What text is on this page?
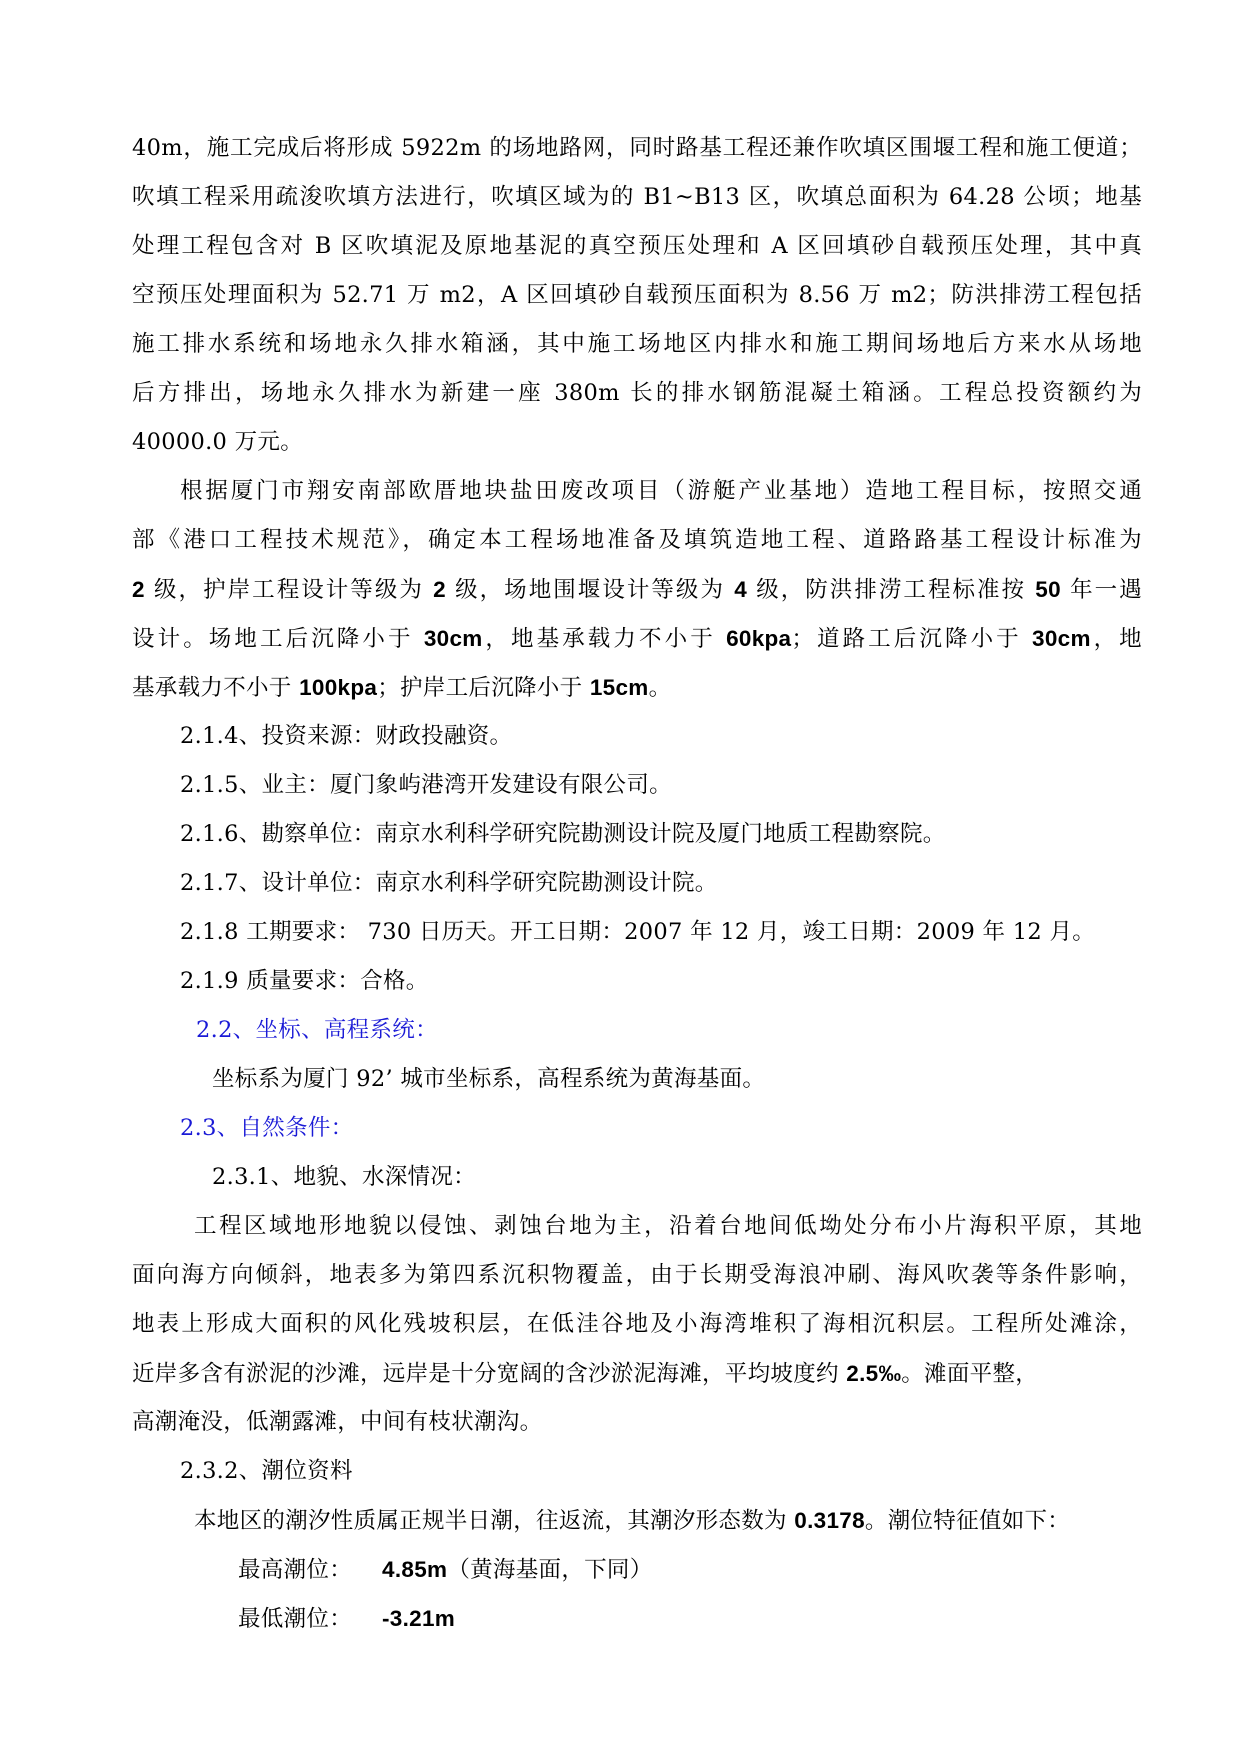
40m，施工完成后将形成 5922m 的场地路网，同时路基工程还兼作吹填区围堰工程和施工便道；
吹填工程采用疏浚吹填方法进行，吹填区域为的 B1~B13 区，吹填总面积为 64.28 公顷；地基
处理工程包含对 B 区吹填泥及原地基泥的真空预压处理和 A 区回填砂自载预压处理，其中真
空预压处理面积为 52.71 万 m2，A 区回填砂自载预压面积为 8.56 万 m2；防洪排涝工程包括
施工排水系统和场地永久排水箱涵，其中施工场地区内排水和施工期间场地后方来水从场地
后方排出，场地永久排水为新建一座 380m 长的排水钢筋混凝土箱涵。工程总投资额约为
40000.0 万元。
根据厦门市翔安南部欧厝地块盐田废改项目（游艇产业基地）造地工程目标，按照交通
部《港口工程技术规范》，确定本工程场地准备及填筑造地工程、道路路基工程设计标准为
2 级，护岸工程设计等级为 2 级，场地围堰设计等级为 4 级，防洪排涝工程标准按 50 年一遇
设计。场地工后沉降小于 30cm，地基承载力不小于 60kpa；道路工后沉降小于 30cm，地
基承载力不小于 100kpa；护岸工后沉降小于 15cm。
2.1.4、投资来源：财政投融资。
2.1.5、业主：厦门象屿港湾开发建设有限公司。
2.1.6、勘察单位：南京水利科学研究院勘测设计院及厦门地质工程勘察院。
2.1.7、设计单位：南京水利科学研究院勘测设计院。
2.1.8 工期要求： 730 日历天。开工日期：2007 年 12 月，竣工日期：2009 年 12 月。
2.1.9 质量要求：合格。
2.2、坐标、高程系统：
坐标系为厦门 92’ 城市坐标系，高程系统为黄海基面。
2.3、自然条件：
2.3.1、地貌、水深情况：
工程区域地形地貌以侵蚀、剥蚀台地为主，沿着台地间低坳处分布小片海积平原，其地
面向海方向倾斜，地表多为第四系沉积物覆盖，由于长期受海浪冲刷、海风吹袭等条件影响，
地表上形成大面积的风化残坡积层，在低洼谷地及小海湾堆积了海相沉积层。工程所处滩涂，
近岸多含有淤泥的沙滩，远岸是十分宽阔的含沙淤泥海滩，平均坡度约 2.5‰。滩面平整，
高潮淹没，低潮露滩，中间有枝状潮沟。
2.3.2、潮位资料
本地区的潮汐性质属正规半日潮，往返流，其潮汐形态数为 0.3178。潮位特征值如下：
最高潮位： 4.85m（黄海基面，下同）
最低潮位： -3.21m
